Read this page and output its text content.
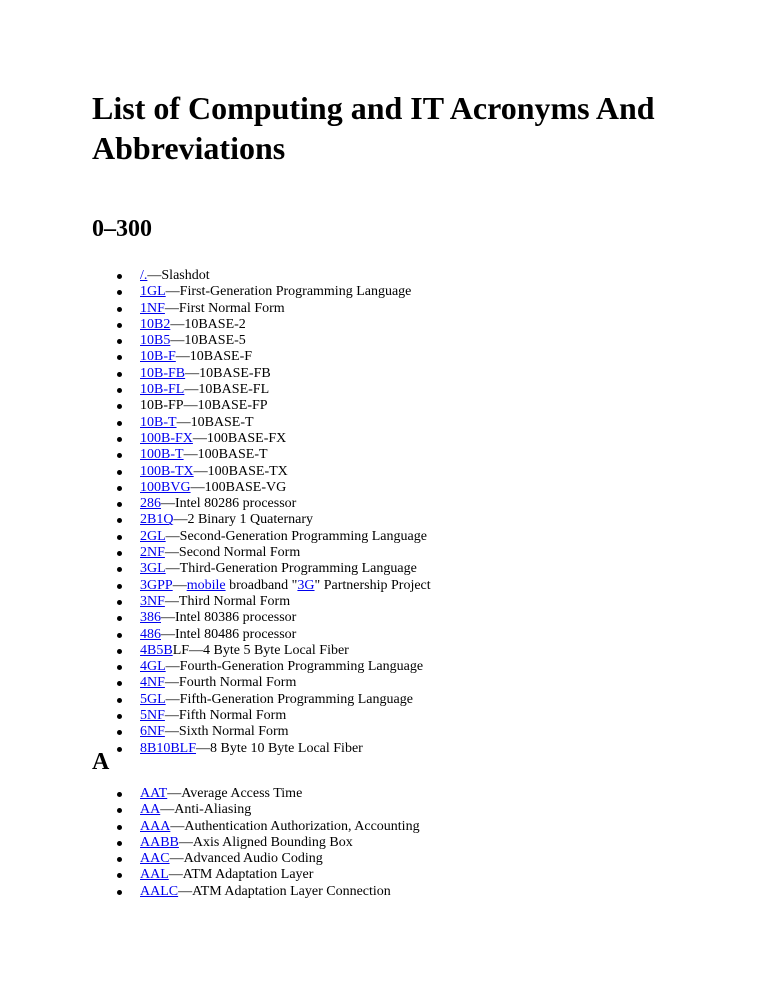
List of Computing and IT Acronyms And Abbreviations
0–300
/.—Slashdot
1GL—First-Generation Programming Language
1NF—First Normal Form
10B2—10BASE-2
10B5—10BASE-5
10B-F—10BASE-F
10B-FB—10BASE-FB
10B-FL—10BASE-FL
10B-FP—10BASE-FP
10B-T—10BASE-T
100B-FX—100BASE-FX
100B-T—100BASE-T
100B-TX—100BASE-TX
100BVG—100BASE-VG
286—Intel 80286 processor
2B1Q—2 Binary 1 Quaternary
2GL—Second-Generation Programming Language
2NF—Second Normal Form
3GL—Third-Generation Programming Language
3GPP—mobile broadband "3G" Partnership Project
3NF—Third Normal Form
386—Intel 80386 processor
486—Intel 80486 processor
4B5BLF—4 Byte 5 Byte Local Fiber
4GL—Fourth-Generation Programming Language
4NF—Fourth Normal Form
5GL—Fifth-Generation Programming Language
5NF—Fifth Normal Form
6NF—Sixth Normal Form
8B10BLF—8 Byte 10 Byte Local Fiber
A
AAT—Average Access Time
AA—Anti-Aliasing
AAA—Authentication Authorization, Accounting
AABB—Axis Aligned Bounding Box
AAC—Advanced Audio Coding
AAL—ATM Adaptation Layer
AALC—ATM Adaptation Layer Connection
